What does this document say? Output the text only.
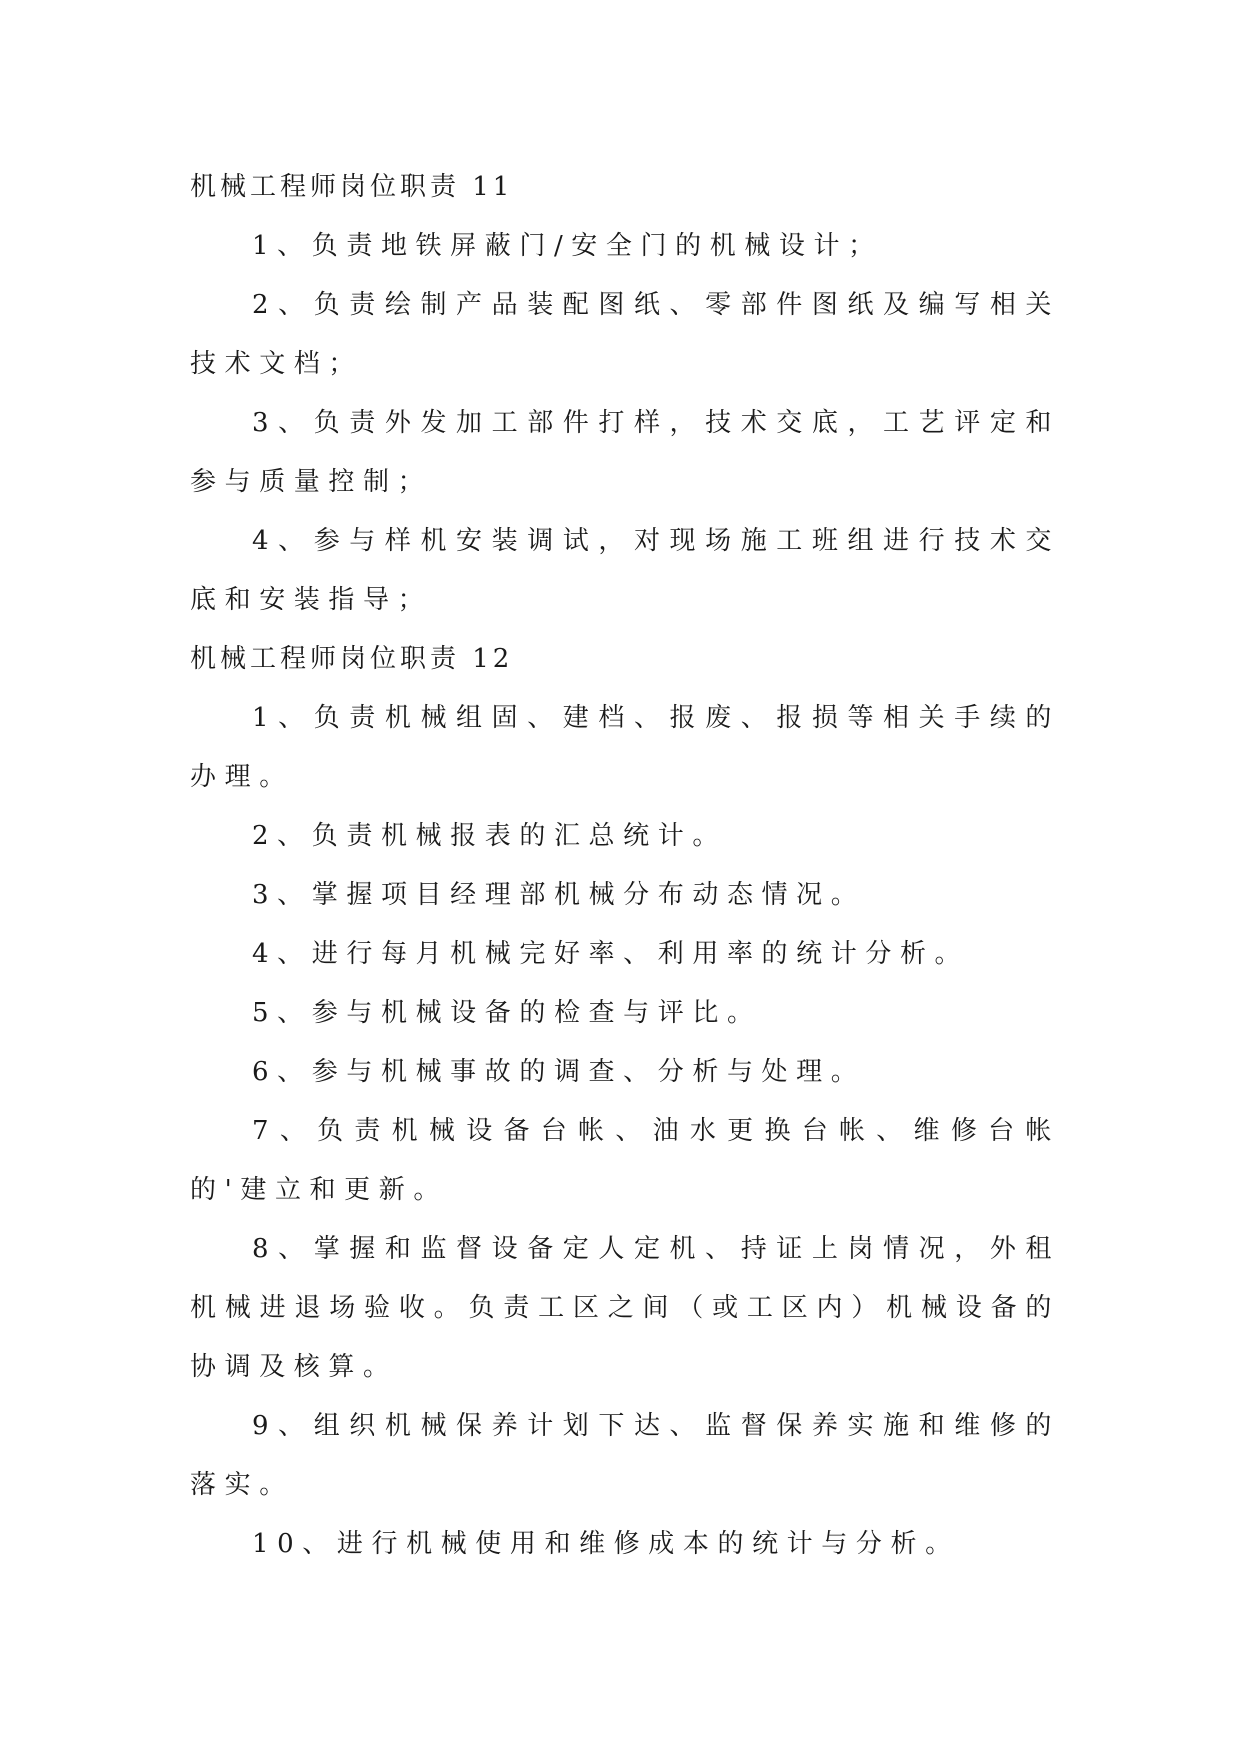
机械工程师岗位职责 11

1、负责地铁屏蔽门/安全门的机械设计；

2、负责绘制产品装配图纸、零部件图纸及编写相关技术文档；

3、负责外发加工部件打样，技术交底，工艺评定和参与质量控制；

4、参与样机安装调试，对现场施工班组进行技术交底和安装指导；

机械工程师岗位职责 12

1、负责机械组固、建档、报废、报损等相关手续的办理。

2、负责机械报表的汇总统计。

3、掌握项目经理部机械分布动态情况。

4、进行每月机械完好率、利用率的统计分析。

5、参与机械设备的检查与评比。

6、参与机械事故的调查、分析与处理。

7、负责机械设备台帐、油水更换台帐、维修台帐的'建立和更新。

8、掌握和监督设备定人定机、持证上岗情况，外租机械进退场验收。负责工区之间（或工区内）机械设备的协调及核算。

9、组织机械保养计划下达、监督保养实施和维修的落实。

10、进行机械使用和维修成本的统计与分析。
